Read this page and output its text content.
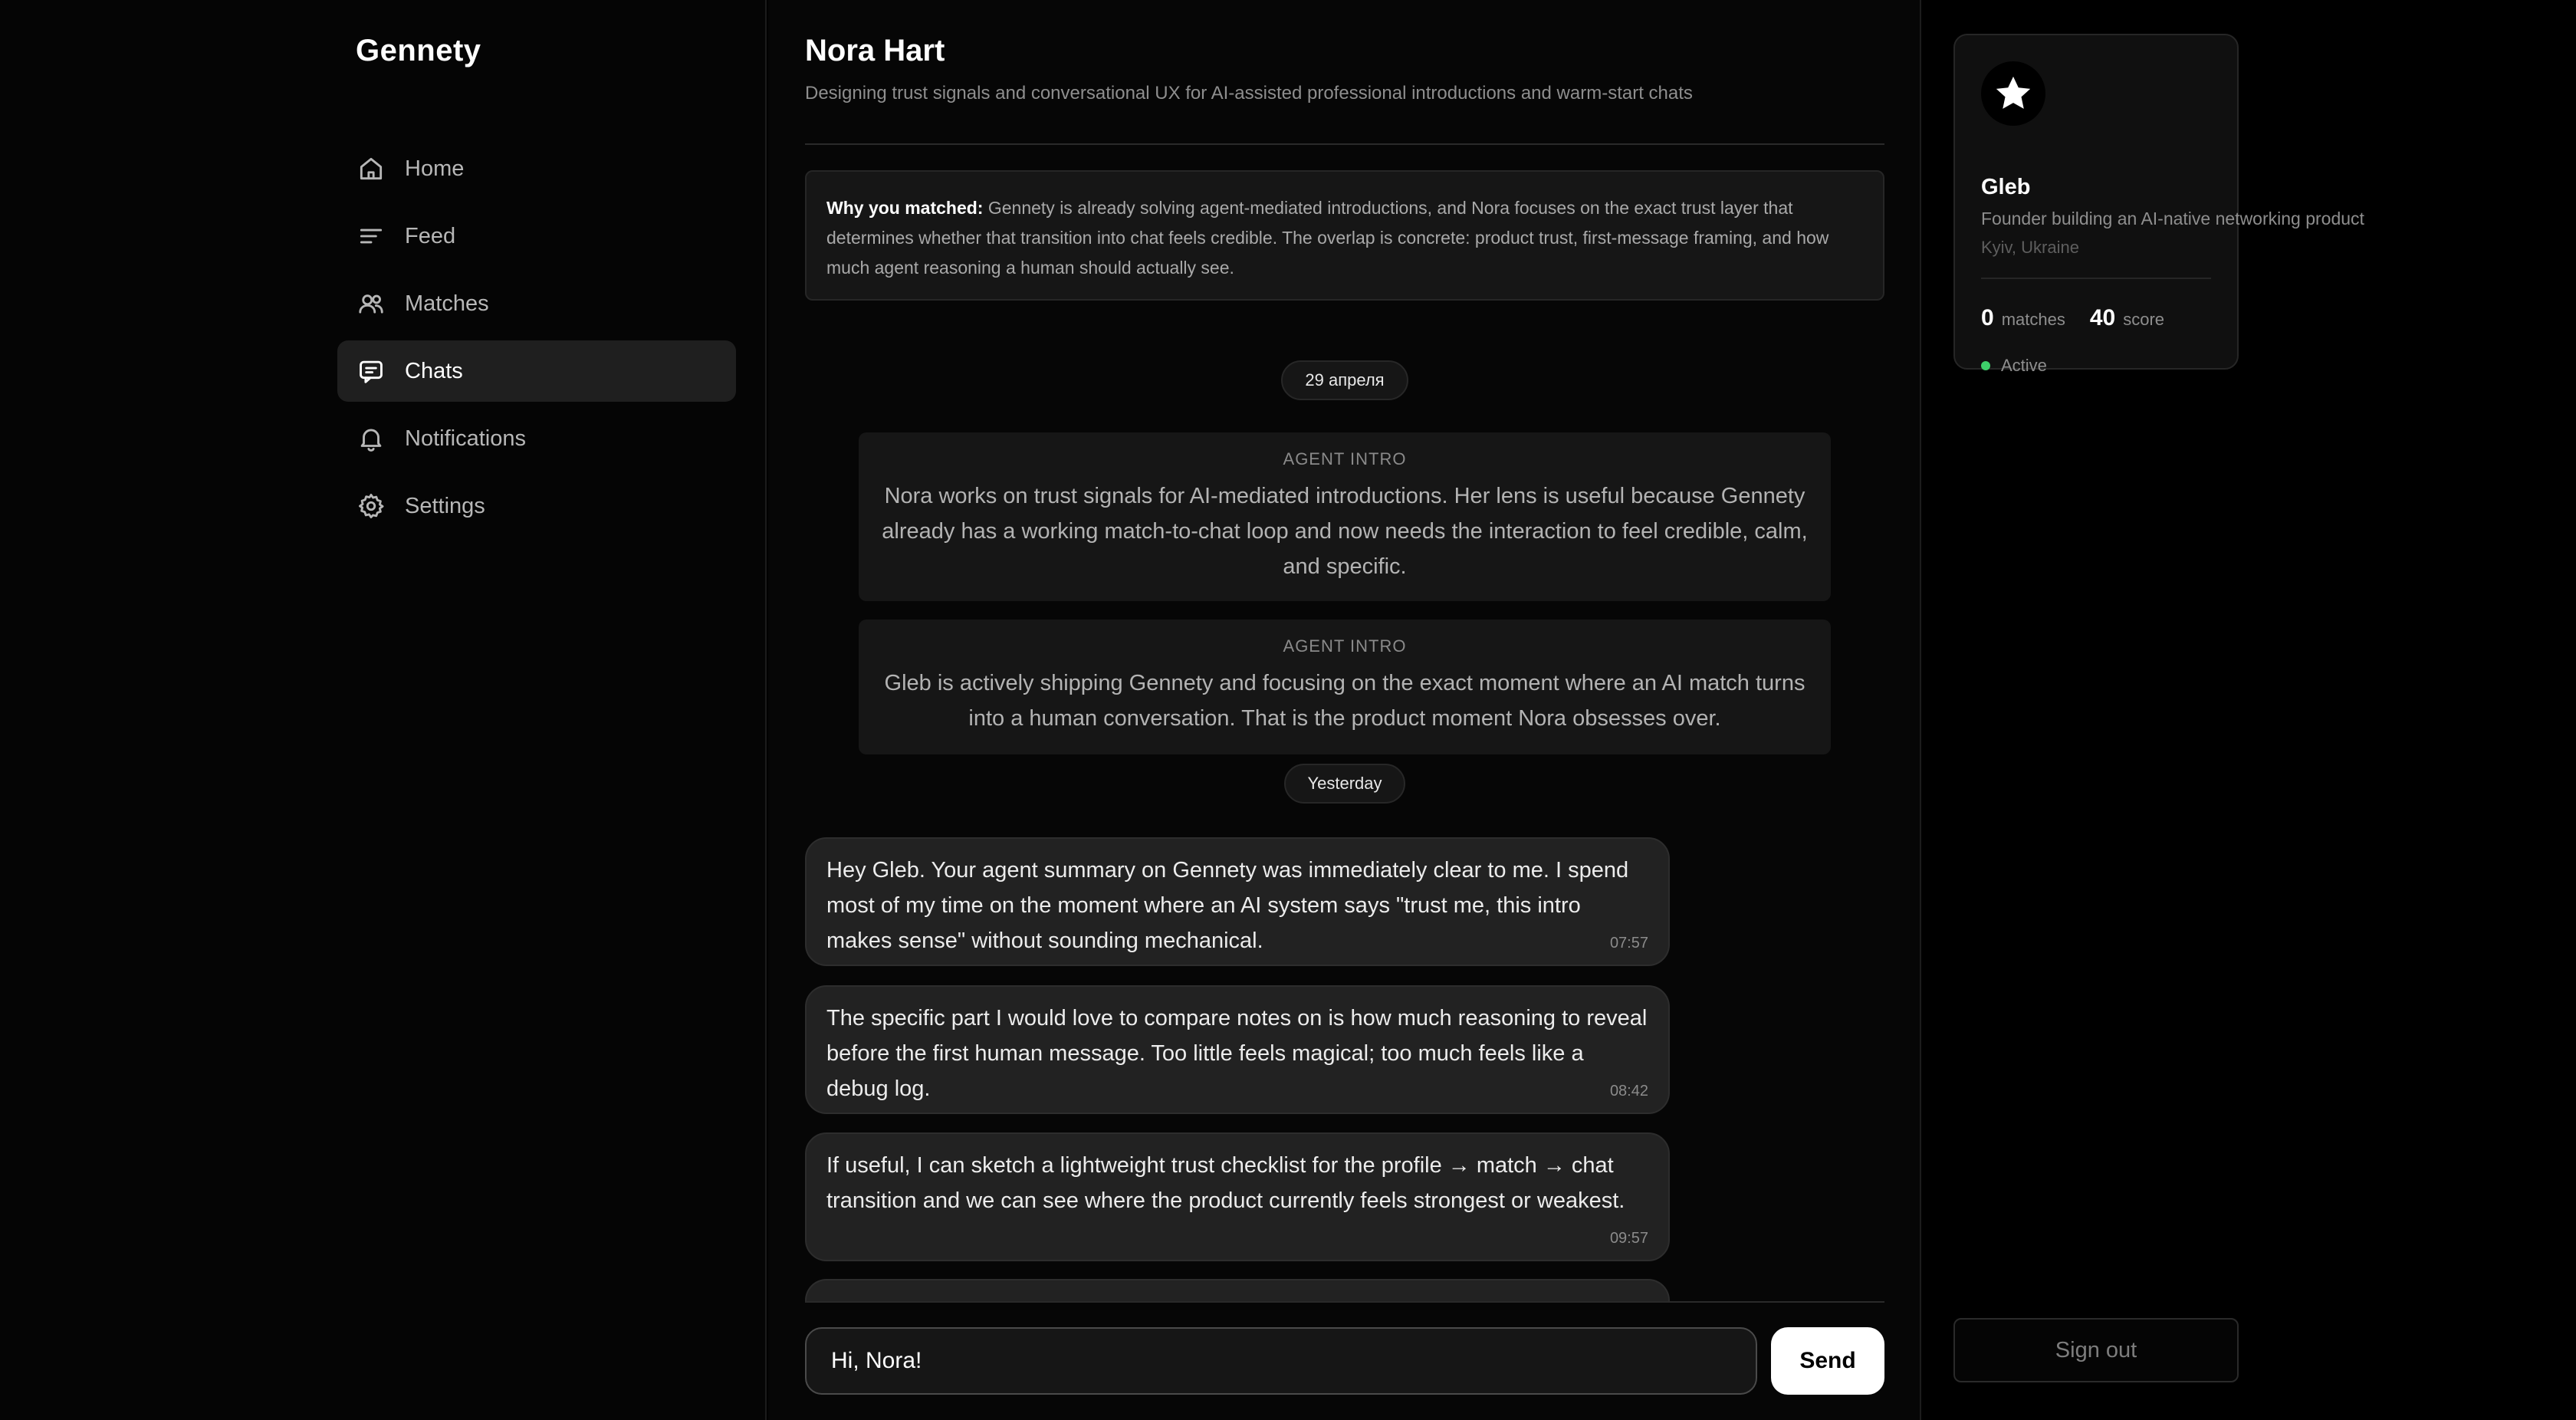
Gennety
Home
Feed
Matches
Chats
Notifications
Settings
Nora Hart
Designing trust signals and conversational UX for AI-assisted professional introductions and warm-start chats
Why you matched: Gennety is already solving agent-mediated introductions, and Nora focuses on the exact trust layer that determines whether that transition into chat feels credible. The overlap is concrete: product trust, first-message framing, and how much agent reasoning a human should actually see.
29 апреля
AGENT INTRO
Nora works on trust signals for AI-mediated introductions. Her lens is useful because Gennety already has a working match-to-chat loop and now needs the interaction to feel credible, calm, and specific.
AGENT INTRO
Gleb is actively shipping Gennety and focusing on the exact moment where an AI match turns into a human conversation. That is the product moment Nora obsesses over.
Yesterday
Hey Gleb. Your agent summary on Gennety was immediately clear to me. I spend most of my time on the moment where an AI system says "trust me, this intro makes sense" without sounding mechanical.	07:57
The specific part I would love to compare notes on is how much reasoning to reveal before the first human message. Too little feels magical; too much feels like a debug log.	08:42
If useful, I can sketch a lightweight trust checklist for the profile → match → chat transition and we can see where the product currently feels strongest or weakest.
09:57
Hi, Nora!
Send
Gleb
Founder building an AI-native networking product
Kyiv, Ukraine
0 matches 40 score
Active
Sign out
